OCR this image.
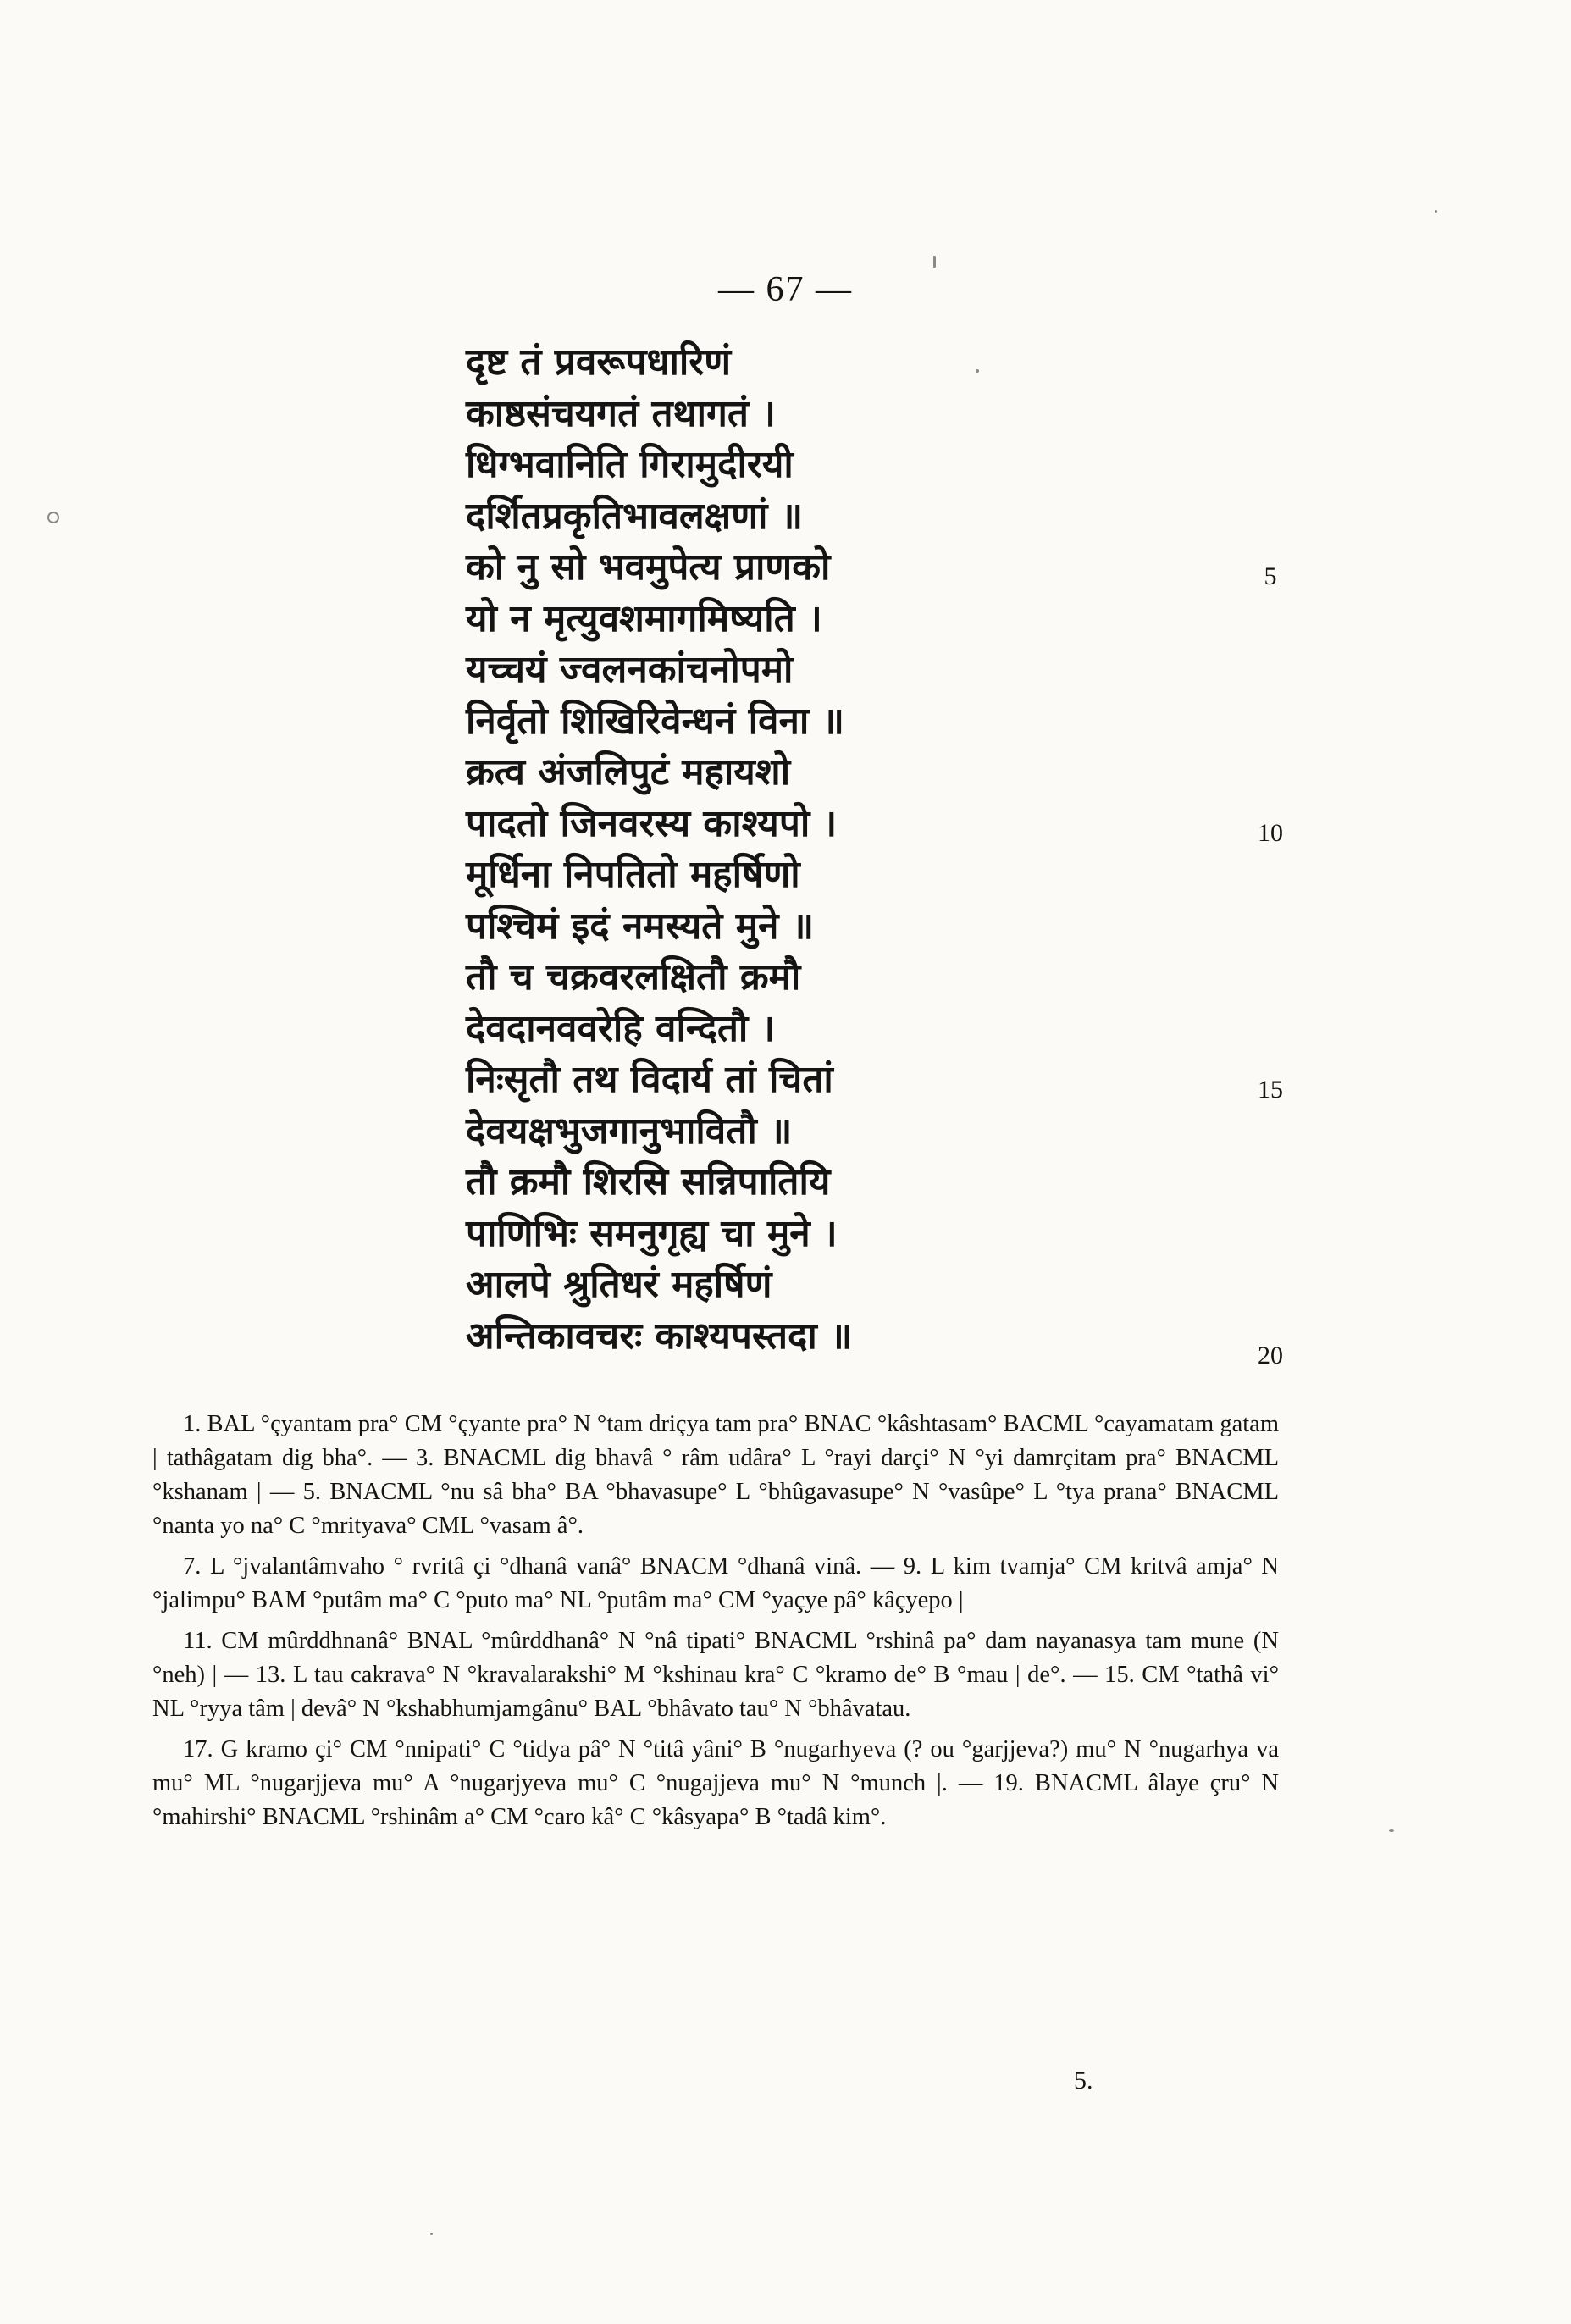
— 67 —
दृष्ट तं प्रवरूपधारिणं
काष्ठसंचयगतं तथागतं ।
धिग्भवानिति गिरामुदीरयी
दर्शितप्रकृतिभावलक्षणां ॥
को नु सो भवमुपेत्य प्राणको
यो न मृत्युवशमागमिष्यति ।
यच्चयं ज्वलनकांचनोपमो
निर्वृतो शिखिरिवेन्धनं विना ॥
क्रत्व अंजलिपुटं महायशो
पादतो जिनवरस्य काश्यपो ।
मूर्धिना निपतितो महर्षिणो
पश्चिमं इदं नमस्यते मुने ॥
तौ च चक्रवरलक्षितौ क्रमौ
देवदानववरेहि वन्दितौ ।
निःसृतौ तथ विदार्य तां चितां
देवयक्षभुजगानुभावितौ ॥
तौ क्रमौ शिरसि सन्निपातियि
पाणिभिः समनुगृह्य चा मुने ।
आलपे श्रुतिधरं महर्षिणं
अन्तिकावचरः काश्यपस्तदा ॥
5
10
15
20

1. BAL °çyantam pra° CM °çyante pra° N °tam driçya tam pra° BNAC °kâshtasam° BACML °cayamatam gatam | tathâgatam dig bha°. — 3. BNACML dig bhavâ ° râm udâra° L °rayi darçi° N °yi damrçitam pra° BNACML °kshanam | — 5. BNACML °nu sâ bha° BA °bhavasupe° L °bhûgavasupe° N °vasûpe° L °tya prana° BNACML °nanta yo na° C °mrityava° CML °vasam â°.

7. L °jvalantâmvaho ° rvritâ çi °dhanâ vanâ° BNACM °dhanâ vinâ. — 9. L kim tvamja° CM kritvâ amja° N °jalimpu° BAM °putâm ma° C °puto ma° NL °putâm ma° CM °yaçye pâ° kâçyepo |

11. CM mûrddhnanâ° BNAL °mûrddhanâ° N °nâ tipati° BNACML °rshinâ pa° dam nayanasya tam mune (N °neh) | — 13. L tau cakrava° N °kravalarakshi° M °kshinau kra° C °kramo de° B °mau | de°. — 15. CM °tathâ vi° NL °ryya tâm | devâ° N °kshabhumjamgânu° BAL °bhâvato tau° N °bhâvatau.

17. G kramo çi° CM °nnipati° C °tidya pâ° N °titâ yâni° B °nugarhyeva (? ou °garjjeva?) mu° N °nugarhya va mu° ML °nugarjjeva mu° A °nugarjyeva mu° C °nugajjeva mu° N °munch |. — 19. BNACML âlaye çru° N °mahirshi° BNACML °rshinâm a° CM °caro kâ° C °kâsyapa° B °tadâ kim°.

5.
